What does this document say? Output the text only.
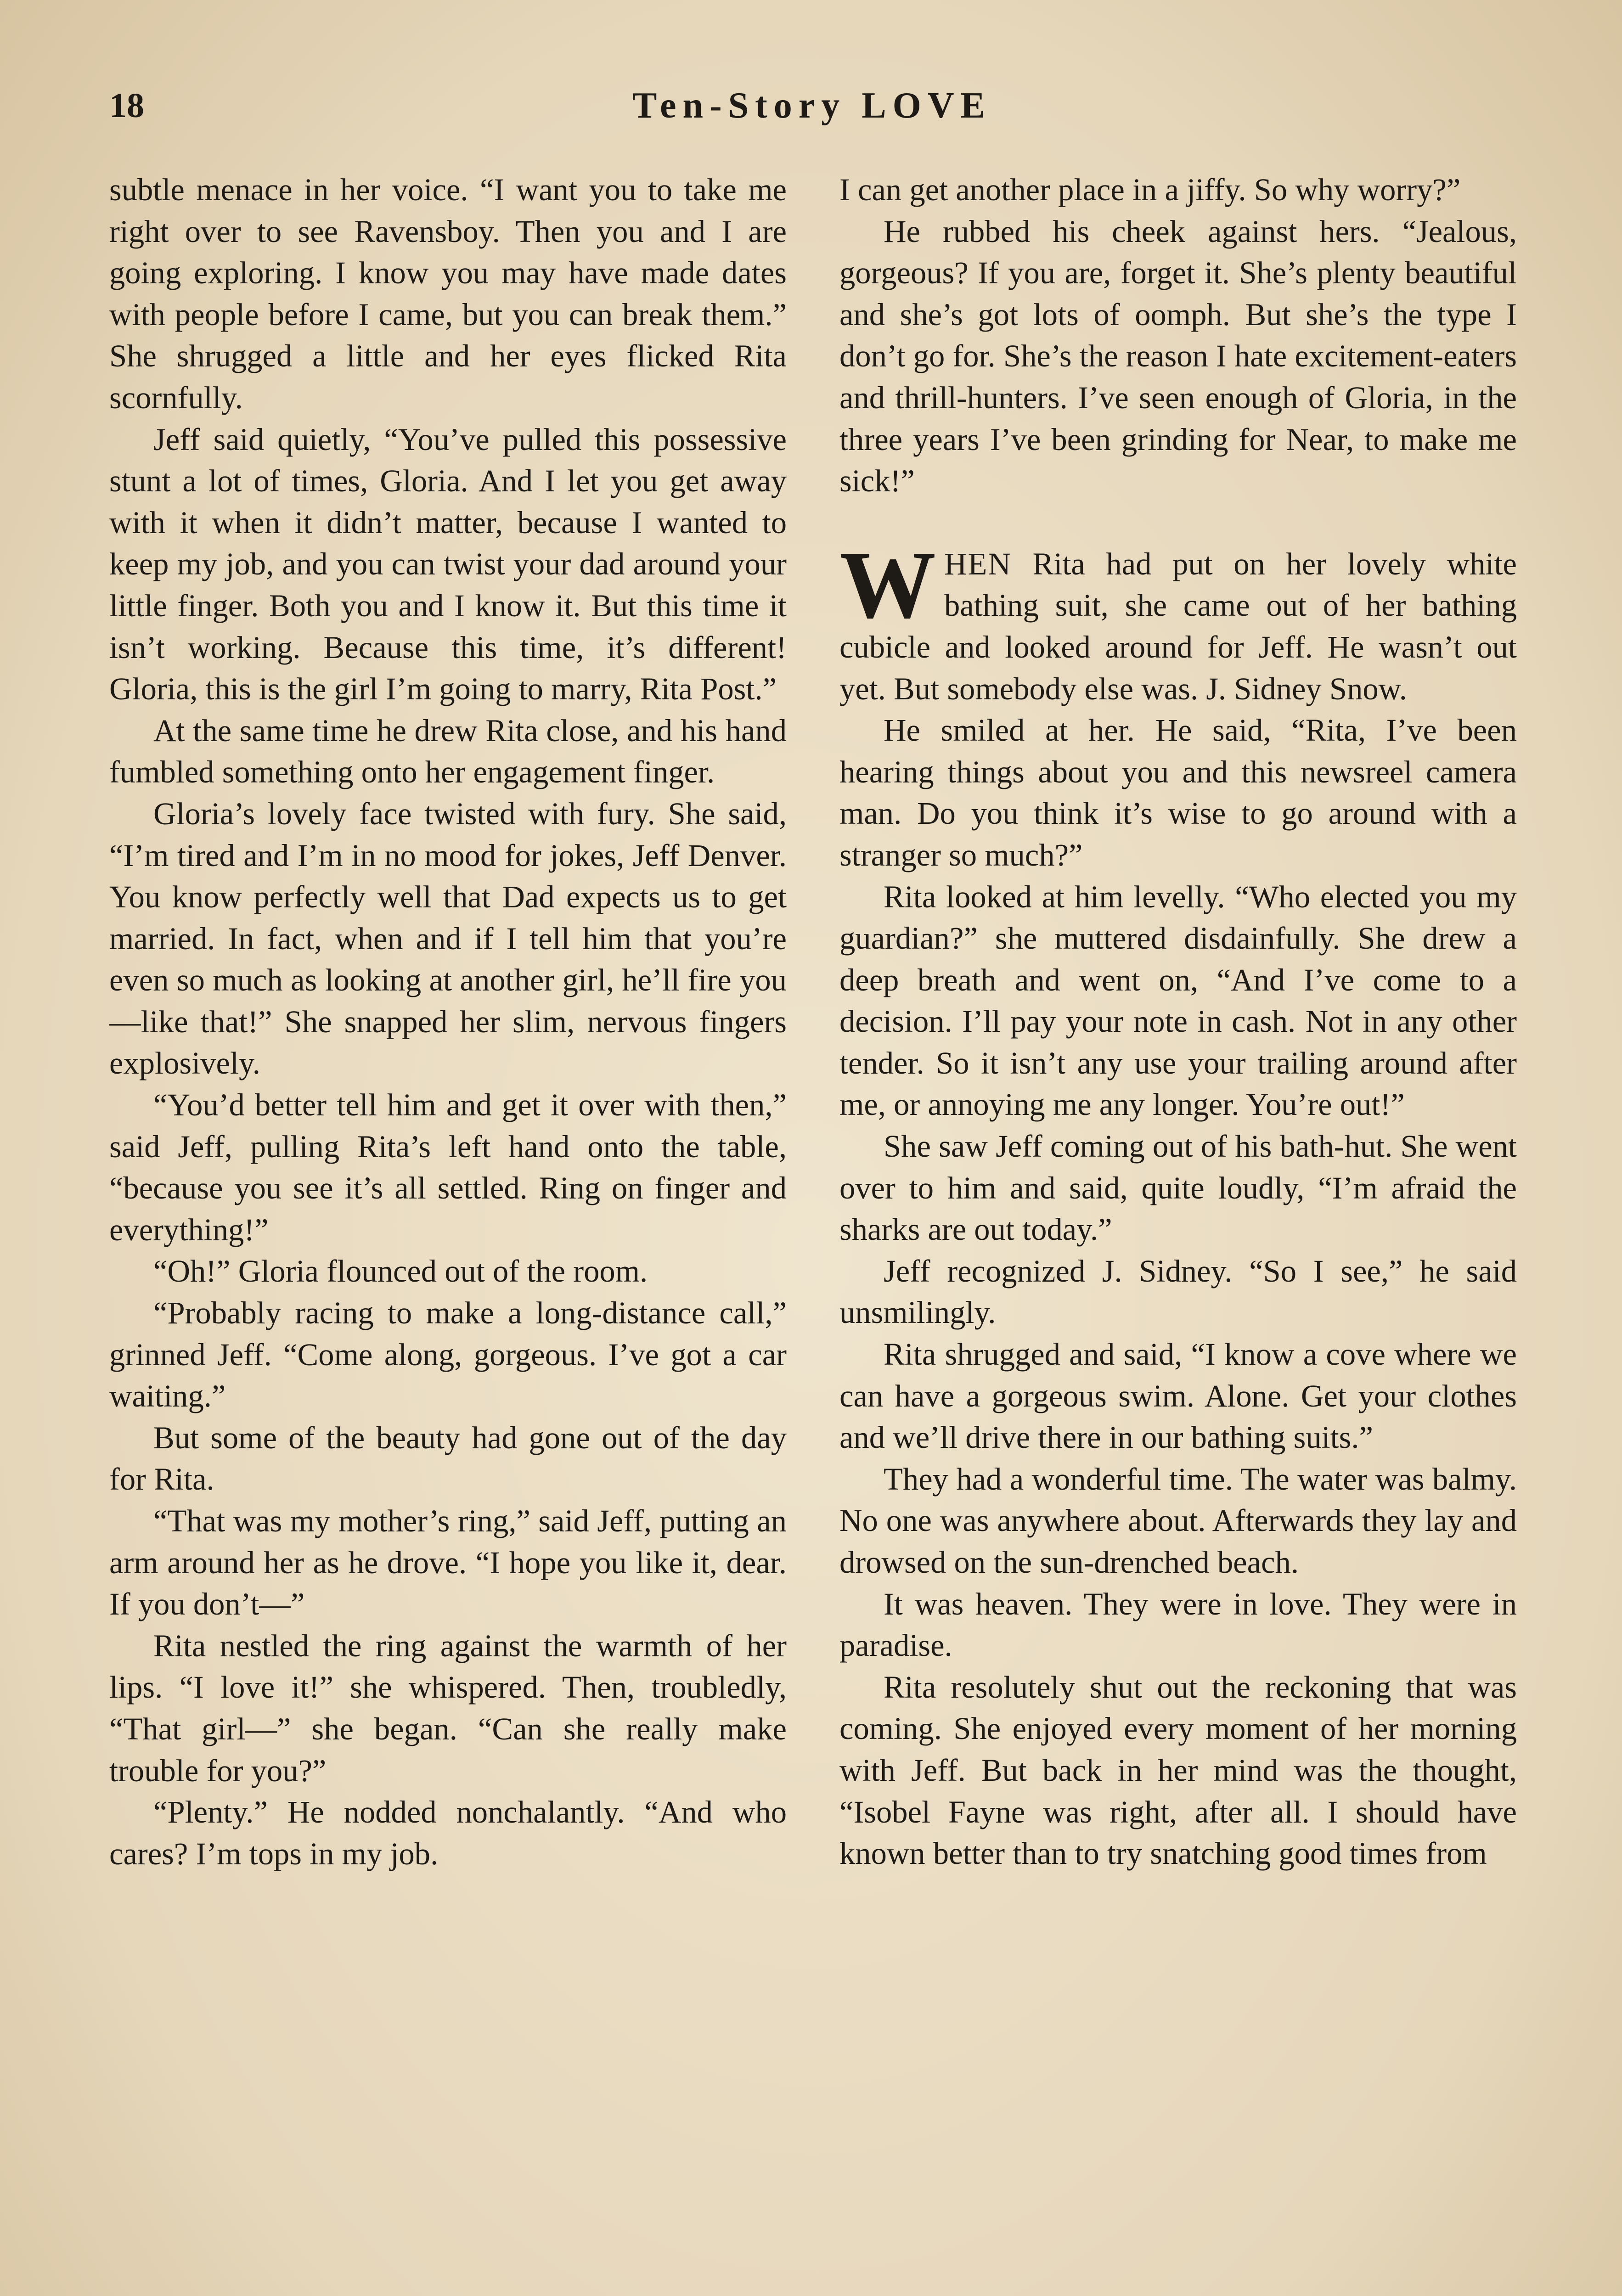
18	Ten-Story LOVE

subtle menace in her voice. “I want you to take me right over to see Ravensboy. Then you and I are going exploring. I know you may have made dates with people before I came, but you can break them.” She shrugged a little and her eyes flicked Rita scornfully.

Jeff said quietly, “You’ve pulled this possessive stunt a lot of times, Gloria. And I let you get away with it when it didn’t matter, because I wanted to keep my job, and you can twist your dad around your little finger. Both you and I know it. But this time it isn’t working. Because this time, it’s different! Gloria, this is the girl I’m going to marry, Rita Post.”

At the same time he drew Rita close, and his hand fumbled something onto her engagement finger.

Gloria’s lovely face twisted with fury. She said, “I’m tired and I’m in no mood for jokes, Jeff Denver. You know perfectly well that Dad expects us to get married. In fact, when and if I tell him that you’re even so much as looking at another girl, he’ll fire you—like that!” She snapped her slim, nervous fingers explosively.

“You’d better tell him and get it over with then,” said Jeff, pulling Rita’s left hand onto the table, “because you see it’s all settled. Ring on finger and everything!”

“Oh!” Gloria flounced out of the room.

“Probably racing to make a long-distance call,” grinned Jeff. “Come along, gorgeous. I’ve got a car waiting.”

But some of the beauty had gone out of the day for Rita.

“That was my mother’s ring,” said Jeff, putting an arm around her as he drove. “I hope you like it, dear. If you don’t—”

Rita nestled the ring against the warmth of her lips. “I love it!” she whispered. Then, troubledly, “That girl—” she began. “Can she really make trouble for you?”

“Plenty.” He nodded nonchalantly. “And who cares? I’m tops in my job.

I can get another place in a jiffy. So why worry?”

He rubbed his cheek against hers. “Jealous, gorgeous? If you are, forget it. She’s plenty beautiful and she’s got lots of oomph. But she’s the type I don’t go for. She’s the reason I hate excitement-eaters and thrill-hunters. I’ve seen enough of Gloria, in the three years I’ve been grinding for Near, to make me sick!”

WHEN Rita had put on her lovely white bathing suit, she came out of her bathing cubicle and looked around for Jeff. He wasn’t out yet. But somebody else was. J. Sidney Snow.

He smiled at her. He said, “Rita, I’ve been hearing things about you and this newsreel camera man. Do you think it’s wise to go around with a stranger so much?”

Rita looked at him levelly. “Who elected you my guardian?” she muttered disdainfully. She drew a deep breath and went on, “And I’ve come to a decision. I’ll pay your note in cash. Not in any other tender. So it isn’t any use your trailing around after me, or annoying me any longer. You’re out!”

She saw Jeff coming out of his bath-hut. She went over to him and said, quite loudly, “I’m afraid the sharks are out today.”

Jeff recognized J. Sidney. “So I see,” he said unsmilingly.

Rita shrugged and said, “I know a cove where we can have a gorgeous swim. Alone. Get your clothes and we’ll drive there in our bathing suits.”

They had a wonderful time. The water was balmy. No one was anywhere about. Afterwards they lay and drowsed on the sun-drenched beach.

It was heaven. They were in love. They were in paradise.

Rita resolutely shut out the reckoning that was coming. She enjoyed every moment of her morning with Jeff. But back in her mind was the thought, “Isobel Fayne was right, after all. I should have known better than to try snatching good times from
